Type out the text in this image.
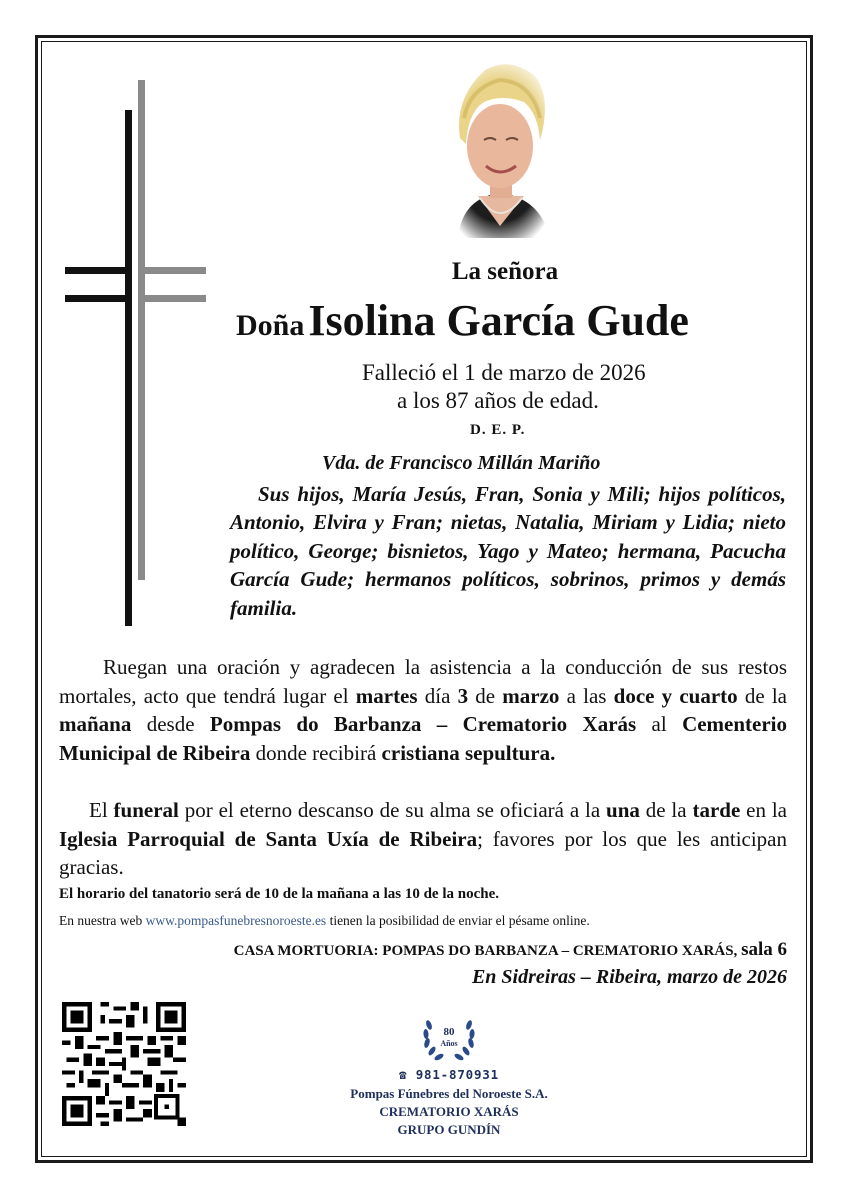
La señora
Doña Isolina García Gude
Falleció el 1 de marzo de 2026
a los 87 años de edad.
D. E. P.
Vda. de Francisco Millán Mariño
Sus hijos, María Jesús, Fran, Sonia y Mili; hijos políticos, Antonio, Elvira y Fran; nietas, Natalia, Miriam y Lidia; nieto político, George; bisnietos, Yago y Mateo; hermana, Pacucha García Gude; hermanos políticos, sobrinos, primos y demás familia.
Ruegan una oración y agradecen la asistencia a la conducción de sus restos mortales, acto que tendrá lugar el martes día 3 de marzo a las doce y cuarto de la mañana desde Pompas do Barbanza – Crematorio Xarás al Cementerio Municipal de Ribeira donde recibirá cristiana sepultura.
El funeral por el eterno descanso de su alma se oficiará a la una de la tarde en la Iglesia Parroquial de Santa Uxía de Ribeira; favores por los que les anticipan gracias.
El horario del tanatorio será de 10 de la mañana a las 10 de la noche.
En nuestra web www.pompasfunebresnoroeste.es tienen la posibilidad de enviar el pésame online.
CASA MORTUORIA: POMPAS DO BARBANZA – CREMATORIO XARÁS, sala 6
En Sidreiras – Ribeira, marzo de 2026
80
Años
☎ 981-870931
Pompas Fúnebres del Noroeste S.A.
CREMATORIO XARÁS
GRUPO GUNDÍN
